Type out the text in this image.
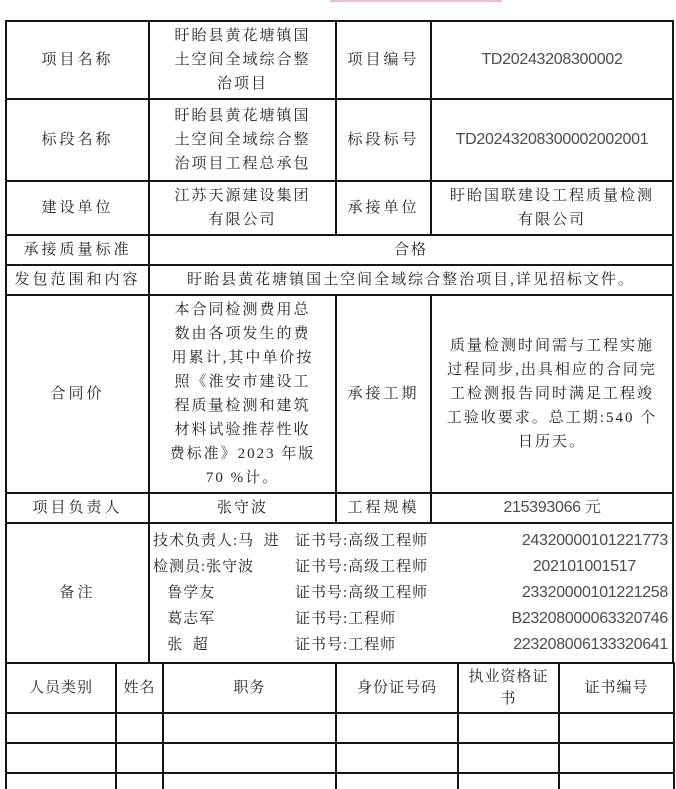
项目名称	盱眙县黄花塘镇国土空间全域综合整治项目	项目编号	TD20243208300002
标段名称	盱眙县黄花塘镇国土空间全域综合整治项目工程总承包	标段标号	TD20243208300002002001
建设单位	江苏天源建设集团有限公司	承接单位	盱眙国联建设工程质量检测有限公司
承接质量标准	合格		
发包范围和内容	盱眙县黄花塘镇国土空间全域综合整治项目,详见招标文件。		
合同价	本合同检测费用总数由各项发生的费用累计,其中单价按照《淮安市建设工程质量检测和建筑材料试验推荐性收费标准》2023 年版 70 %计。	承接工期	质量检测时间需与工程实施过程同步,出具相应的合同完工检测报告同时满足工程竣工验收要求。总工期:540 个日历天。
项目负责人	张守波	工程规模	215393066 元
备注	
技术负责人:马  进	证书号:高级工程师	24320000101221773
检测员:张守波	证书号:高级工程师	202101001517
鲁学友	证书号:高级工程师	23320000101221258
葛志军	证书号:工程师	B23208000063320746
张  超	证书号:工程师	223208006133320641
人员类别	姓名	职务	身份证号码	执业资格证书	证书编号
